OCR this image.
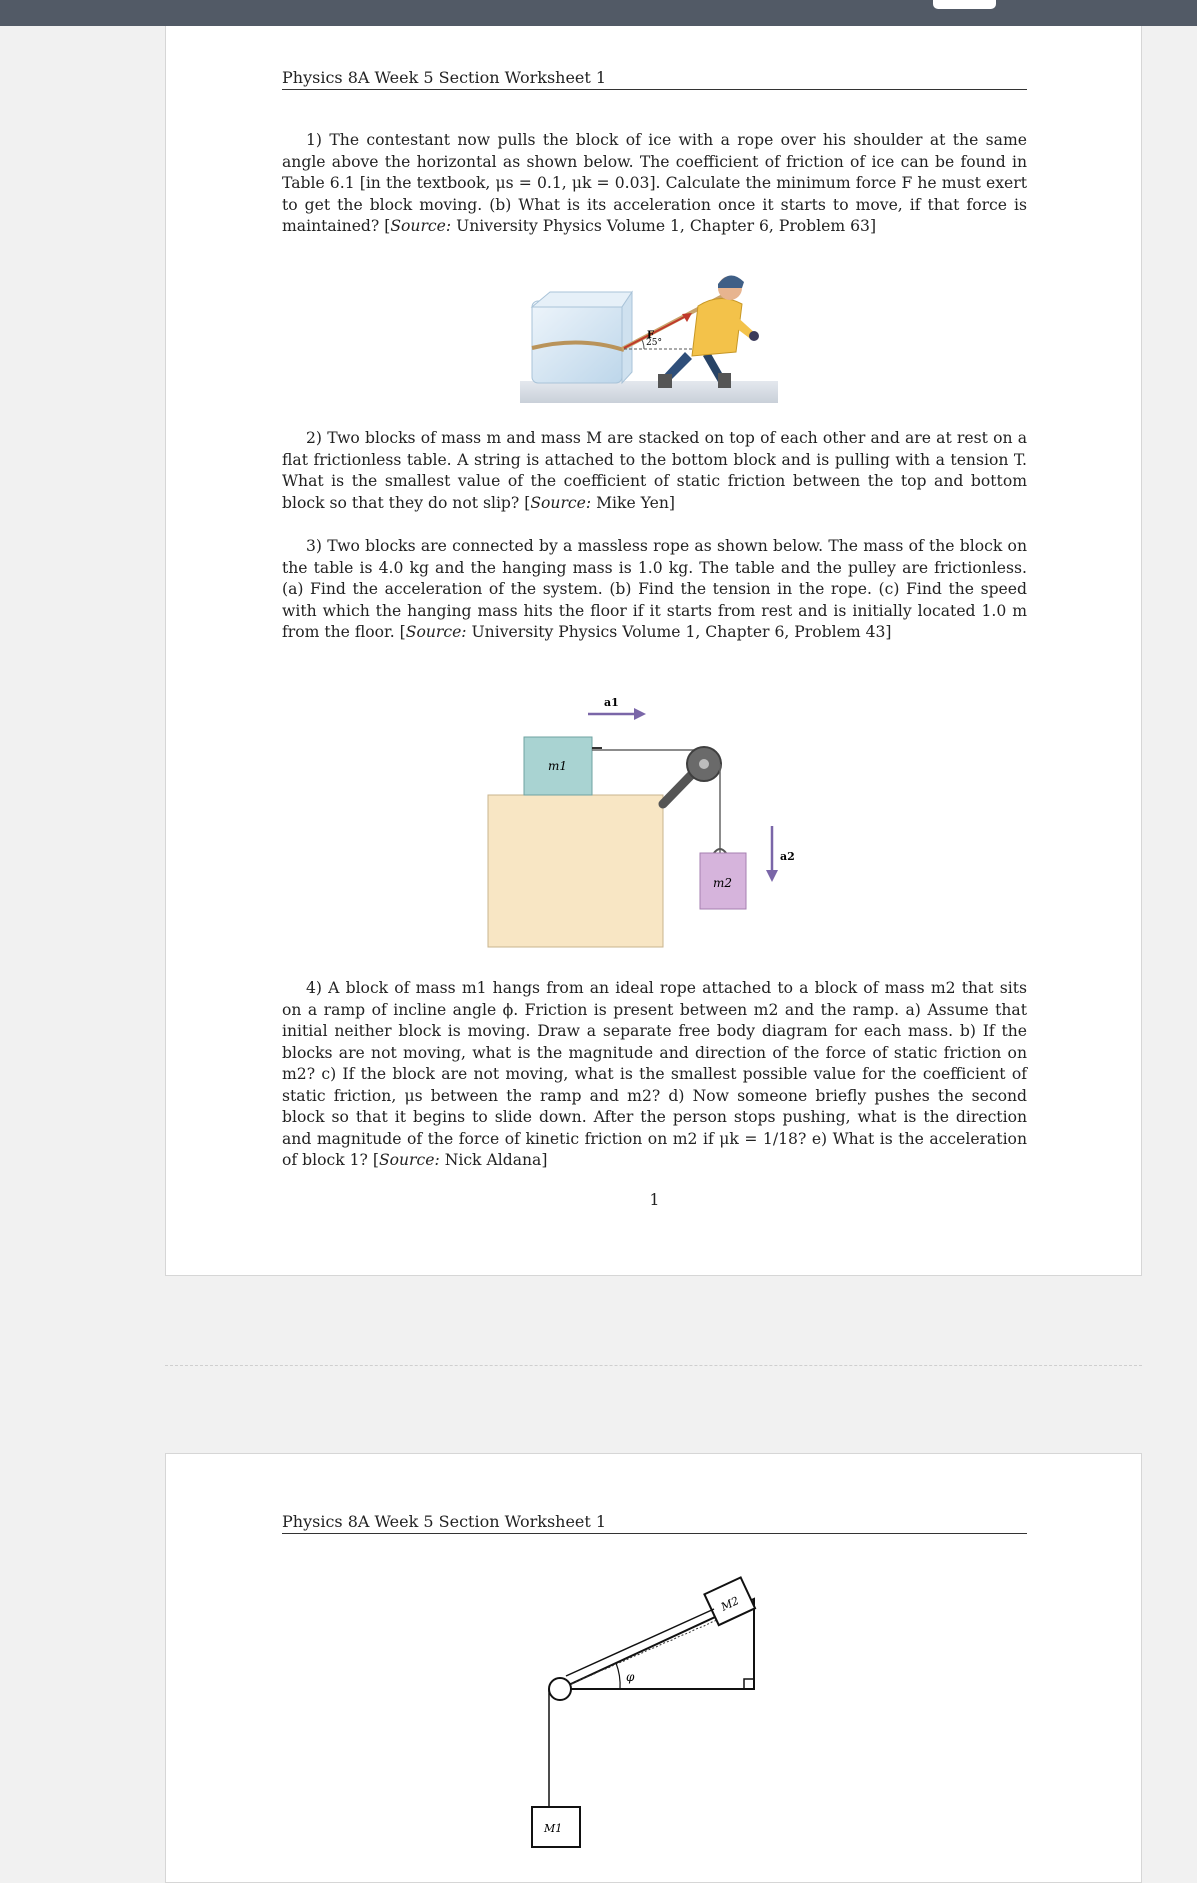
Physics 8A Week 5 Section Worksheet 1

1) The contestant now pulls the block of ice with a rope over his shoulder at the same angle above the horizontal as shown below. The coefficient of friction of ice can be found in Table 6.1 [in the textbook, μs = 0.1, μk = 0.03]. Calculate the minimum force F he must exert to get the block moving. (b) What is its acceleration once it starts to move, if that force is maintained? [Source: University Physics Volume 1, Chapter 6, Problem 63]

F
25°

2) Two blocks of mass m and mass M are stacked on top of each other and are at rest on a flat frictionless table. A string is attached to the bottom block and is pulling with a tension T. What is the smallest value of the coefficient of static friction between the top and bottom block so that they do not slip? [Source: Mike Yen]

3) Two blocks are connected by a massless rope as shown below. The mass of the block on the table is 4.0 kg and the hanging mass is 1.0 kg. The table and the pulley are frictionless. (a) Find the acceleration of the system. (b) Find the tension in the rope. (c) Find the speed with which the hanging mass hits the floor if it starts from rest and is initially located 1.0 m from the floor. [Source: University Physics Volume 1, Chapter 6, Problem 43]

a1
m1
m2
a2

4) A block of mass m1 hangs from an ideal rope attached to a block of mass m2 that sits on a ramp of incline angle ϕ. Friction is present between m2 and the ramp. a) Assume that initial neither block is moving. Draw a separate free body diagram for each mass. b) If the blocks are not moving, what is the magnitude and direction of the force of static friction on m2? c) If the block are not moving, what is the smallest possible value for the coefficient of static friction, μs between the ramp and m2? d) Now someone briefly pushes the second block so that it begins to slide down. After the person stops pushing, what is the direction and magnitude of the force of kinetic friction on m2 if μk = 1/18? e) What is the acceleration of block 1? [Source: Nick Aldana]

1
Physics 8A Week 5 Section Worksheet 1
φ
M2
M1
